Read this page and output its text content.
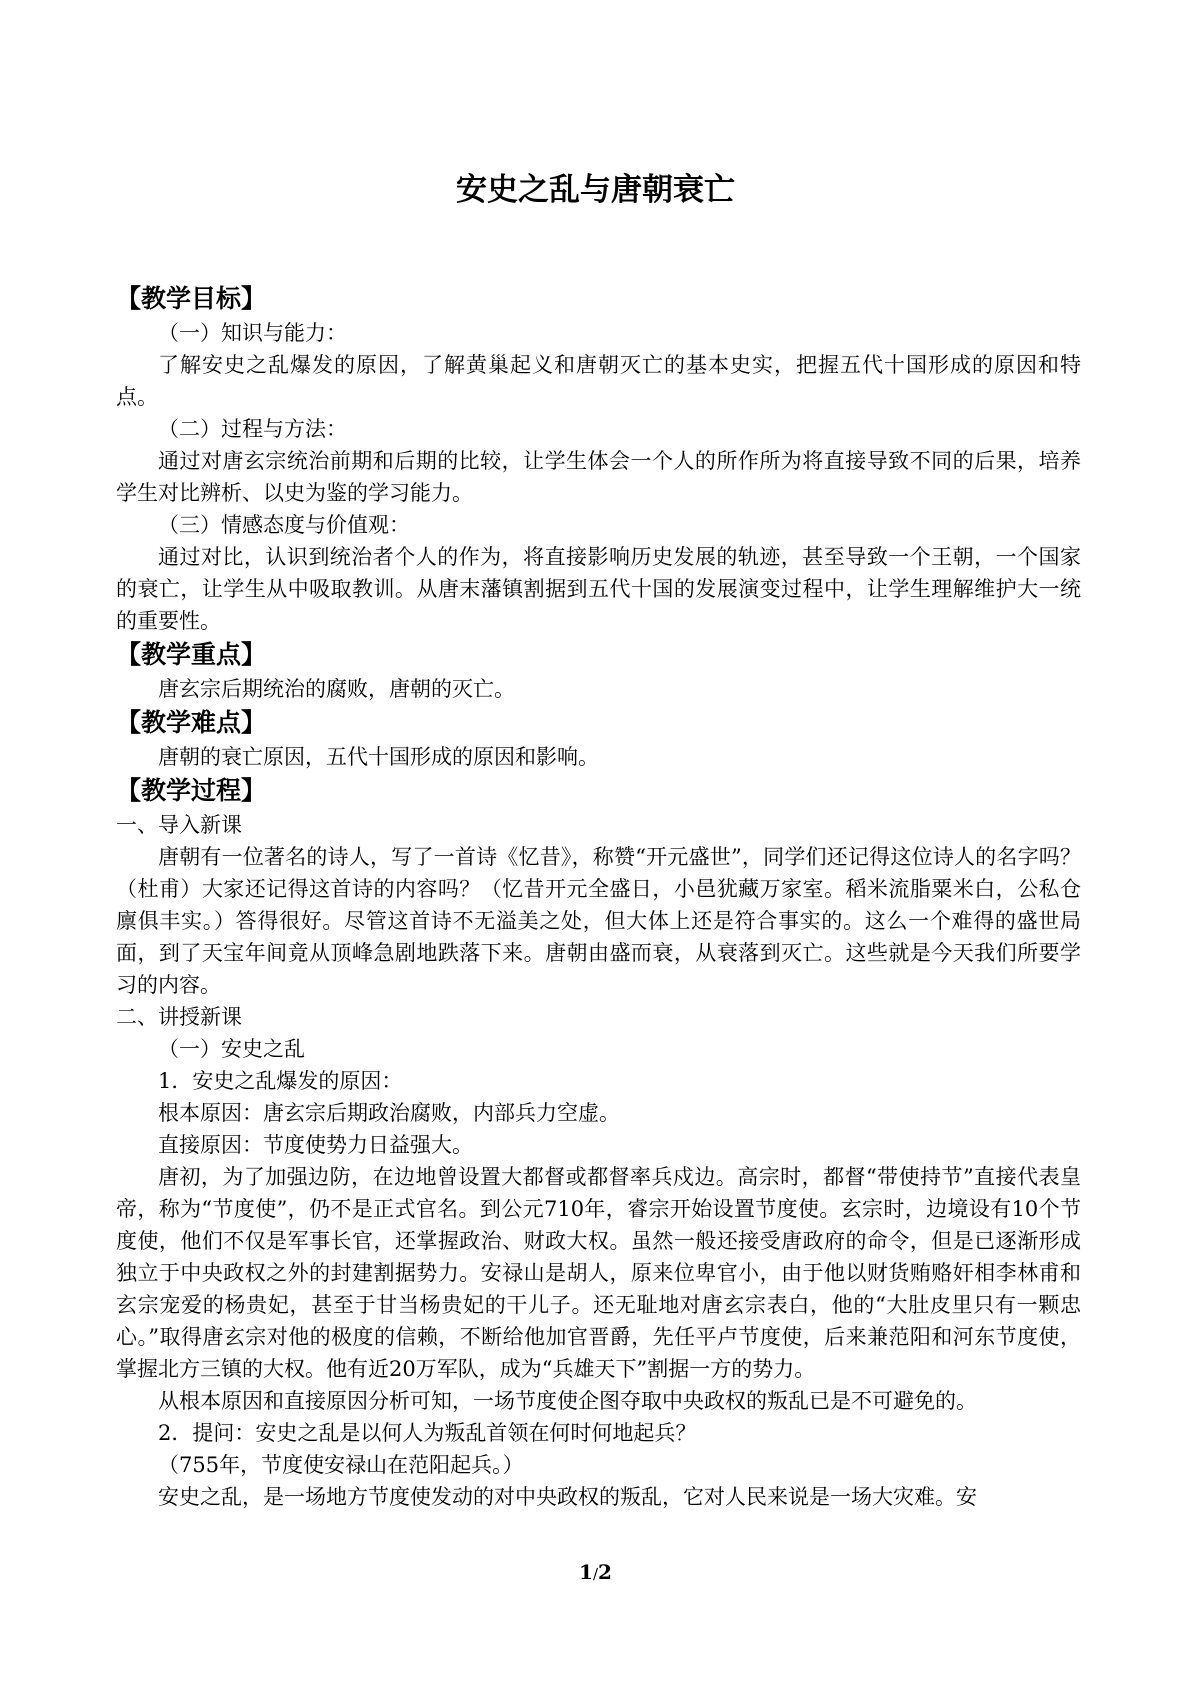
安史之乱与唐朝衰亡
【教学目标】
（一）知识与能力：
了解安史之乱爆发的原因，了解黄巢起义和唐朝灭亡的基本史实，把握五代十国形成的原因和特点。
（二）过程与方法：
通过对唐玄宗统治前期和后期的比较，让学生体会一个人的所作所为将直接导致不同的后果，培养学生对比辨析、以史为鉴的学习能力。
（三）情感态度与价值观：
通过对比，认识到统治者个人的作为，将直接影响历史发展的轨迹，甚至导致一个王朝，一个国家的衰亡，让学生从中吸取教训。从唐末藩镇割据到五代十国的发展演变过程中，让学生理解维护大一统的重要性。
【教学重点】
唐玄宗后期统治的腐败，唐朝的灭亡。
【教学难点】
唐朝的衰亡原因，五代十国形成的原因和影响。
【教学过程】
一、导入新课
唐朝有一位著名的诗人，写了一首诗《忆昔》，称赞“开元盛世”，同学们还记得这位诗人的名字吗？（杜甫）大家还记得这首诗的内容吗？（忆昔开元全盛日，小邑犹藏万家室。稻米流脂粟米白，公私仓廪俱丰实。）答得很好。尽管这首诗不无溢美之处，但大体上还是符合事实的。这么一个难得的盛世局面，到了天宝年间竟从顶峰急剧地跌落下来。唐朝由盛而衰，从衰落到灭亡。这些就是今天我们所要学习的内容。
二、讲授新课
（一）安史之乱
1．安史之乱爆发的原因：
根本原因：唐玄宗后期政治腐败，内部兵力空虚。
直接原因：节度使势力日益强大。
唐初，为了加强边防，在边地曾设置大都督或都督率兵戍边。高宗时，都督“带使持节”直接代表皇帝，称为“节度使”，仍不是正式官名。到公元710年，睿宗开始设置节度使。玄宗时，边境设有10个节度使，他们不仅是军事长官，还掌握政治、财政大权。虽然一般还接受唐政府的命令，但是已逐渐形成独立于中央政权之外的封建割据势力。安禄山是胡人，原来位卑官小，由于他以财货贿赂奸相李林甫和玄宗宠爱的杨贵妃，甚至于甘当杨贵妃的干儿子。还无耻地对唐玄宗表白，他的“大肚皮里只有一颗忠心。”取得唐玄宗对他的极度的信赖，不断给他加官晋爵，先任平卢节度使，后来兼范阳和河东节度使，掌握北方三镇的大权。他有近20万军队，成为“兵雄天下”割据一方的势力。
从根本原因和直接原因分析可知，一场节度使企图夺取中央政权的叛乱已是不可避免的。
2．提问：安史之乱是以何人为叛乱首领在何时何地起兵？
（755年，节度使安禄山在范阳起兵。）
安史之乱，是一场地方节度使发动的对中央政权的叛乱，它对人民来说是一场大灾难。安
1/2
